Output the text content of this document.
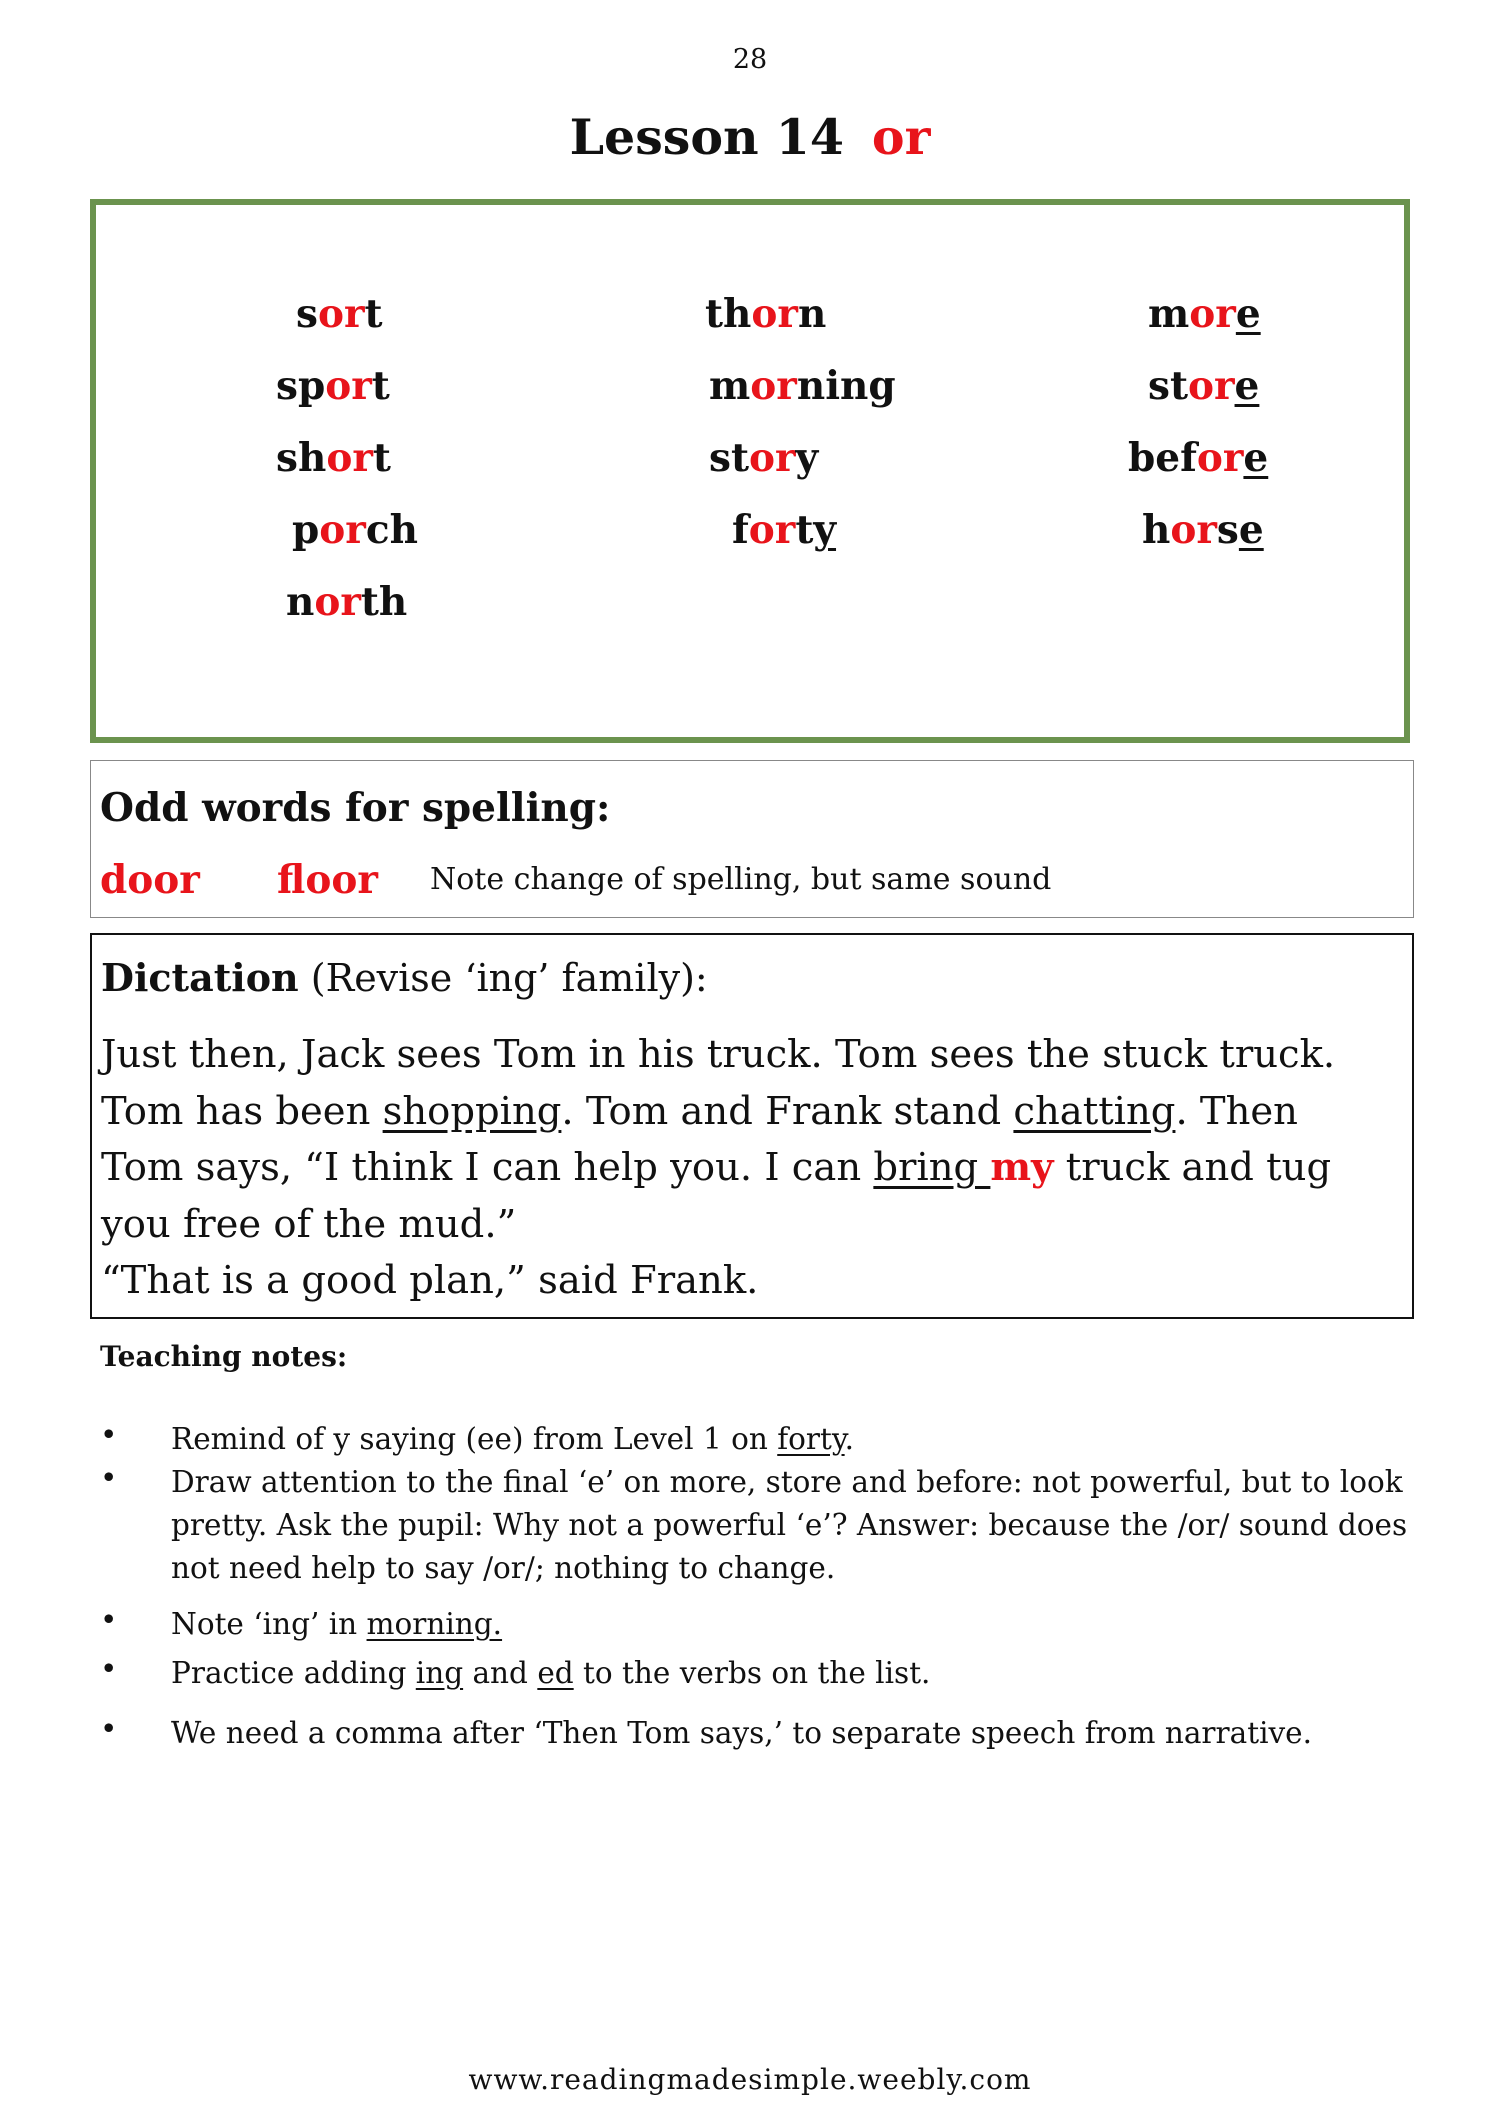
28
Lesson 14 or
sort
sport
short
porch
north
thorn
morning
story
forty
more
store
before
horse
Odd words for spelling:
door floor Note change of spelling, but same sound
Dictation (Revise ‘ing’ family):
Just then, Jack sees Tom in his truck. Tom sees the stuck truck.
Tom has been shopping. Tom and Frank stand chatting. Then
Tom says, “I think I can help you. I can bring my truck and tug
you free of the mud.”
“That is a good plan,” said Frank.
Teaching notes:
• Remind of y saying (ee) from Level 1 on forty.
• Draw attention to the final ‘e’ on more, store and before: not powerful, but to look pretty. Ask the pupil: Why not a powerful ‘e’? Answer: because the /or/ sound does not need help to say /or/; nothing to change.
• Note ‘ing’ in morning.
• Practice adding ing and ed to the verbs on the list.
• We need a comma after ‘Then Tom says,’ to separate speech from narrative.
www.readingmadesimple.weebly.com
